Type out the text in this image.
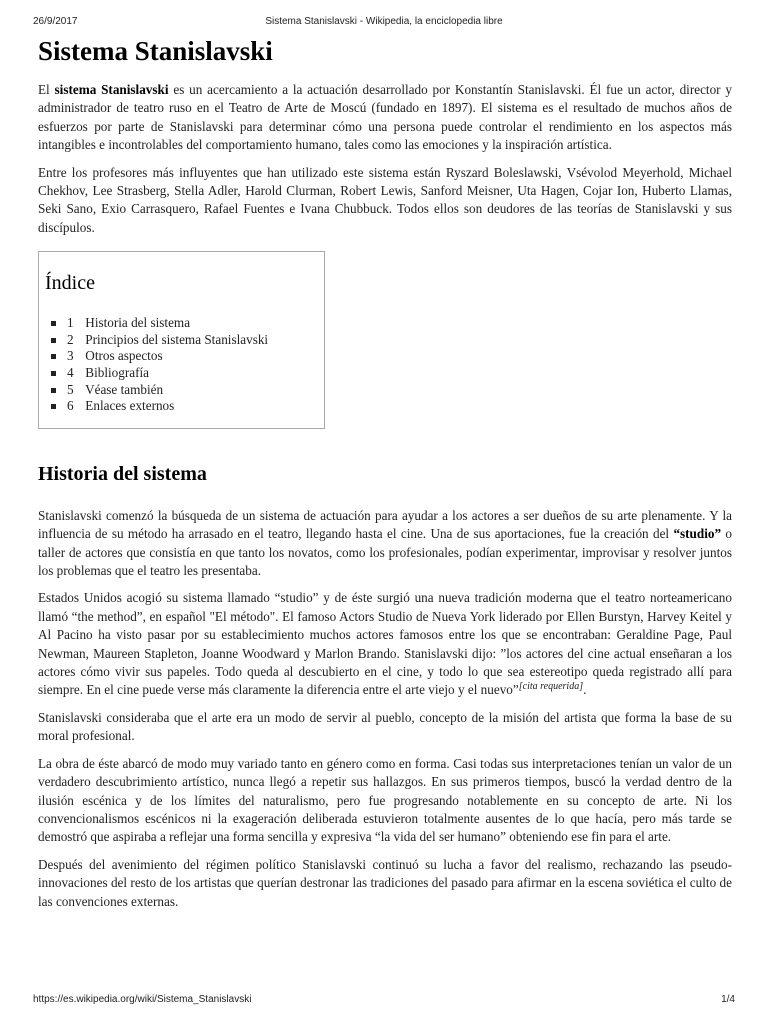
26/9/2017	Sistema Stanislavski - Wikipedia, la enciclopedia libre
Sistema Stanislavski

El sistema Stanislavski es un acercamiento a la actuación desarrollado por Konstantín Stanislavski. Él fue un actor, director y administrador de teatro ruso en el Teatro de Arte de Moscú (fundado en 1897). El sistema es el resultado de muchos años de esfuerzos por parte de Stanislavski para determinar cómo una persona puede controlar el rendimiento en los aspectos más intangibles e incontrolables del comportamiento humano, tales como las emociones y la inspiración artística.

Entre los profesores más influyentes que han utilizado este sistema están Ryszard Boleslawski, Vsévolod Meyerhold, Michael Chekhov, Lee Strasberg, Stella Adler, Harold Clurman, Robert Lewis, Sanford Meisner, Uta Hagen, Cojar Ion, Huberto Llamas, Seki Sano, Exio Carrasquero, Rafael Fuentes e Ivana Chubbuck. Todos ellos son deudores de las teorías de Stanislavski y sus discípulos.

Índice
1 Historia del sistema
2 Principios del sistema Stanislavski
3 Otros aspectos
4 Bibliografía
5 Véase también
6 Enlaces externos
Historia del sistema

Stanislavski comenzó la búsqueda de un sistema de actuación para ayudar a los actores a ser dueños de su arte plenamente. Y la influencia de su método ha arrasado en el teatro, llegando hasta el cine. Una de sus aportaciones, fue la creación del “studio” o taller de actores que consistía en que tanto los novatos, como los profesionales, podían experimentar, improvisar y resolver juntos los problemas que el teatro les presentaba.

Estados Unidos acogió su sistema llamado “studio” y de éste surgió una nueva tradición moderna que el teatro norteamericano llamó “the method”, en español "El método". El famoso Actors Studio de Nueva York liderado por Ellen Burstyn, Harvey Keitel y Al Pacino ha visto pasar por su establecimiento muchos actores famosos entre los que se encontraban: Geraldine Page, Paul Newman, Maureen Stapleton, Joanne Woodward y Marlon Brando. Stanislavski dijo: ”los actores del cine actual enseñaran a los actores cómo vivir sus papeles. Todo queda al descubierto en el cine, y todo lo que sea estereotipo queda registrado allí para siempre. En el cine puede verse más claramente la diferencia entre el arte viejo y el nuevo”[cita requerida].

Stanislavski consideraba que el arte era un modo de servir al pueblo, concepto de la misión del artista que forma la base de su moral profesional.

La obra de éste abarcó de modo muy variado tanto en género como en forma. Casi todas sus interpretaciones tenían un valor de un verdadero descubrimiento artístico, nunca llegó a repetir sus hallazgos. En sus primeros tiempos, buscó la verdad dentro de la ilusión escénica y de los límites del naturalismo, pero fue progresando notablemente en su concepto de arte. Ni los convencionalismos escénicos ni la exageración deliberada estuvieron totalmente ausentes de lo que hacía, pero más tarde se demostró que aspiraba a reflejar una forma sencilla y expresiva “la vida del ser humano” obteniendo ese fin para el arte.

Después del avenimiento del régimen político Stanislavski continuó su lucha a favor del realismo, rechazando las pseudo-innovaciones del resto de los artistas que querían destronar las tradiciones del pasado para afirmar en la escena soviética el culto de las convenciones externas.

https://es.wikipedia.org/wiki/Sistema_Stanislavski	1/4
